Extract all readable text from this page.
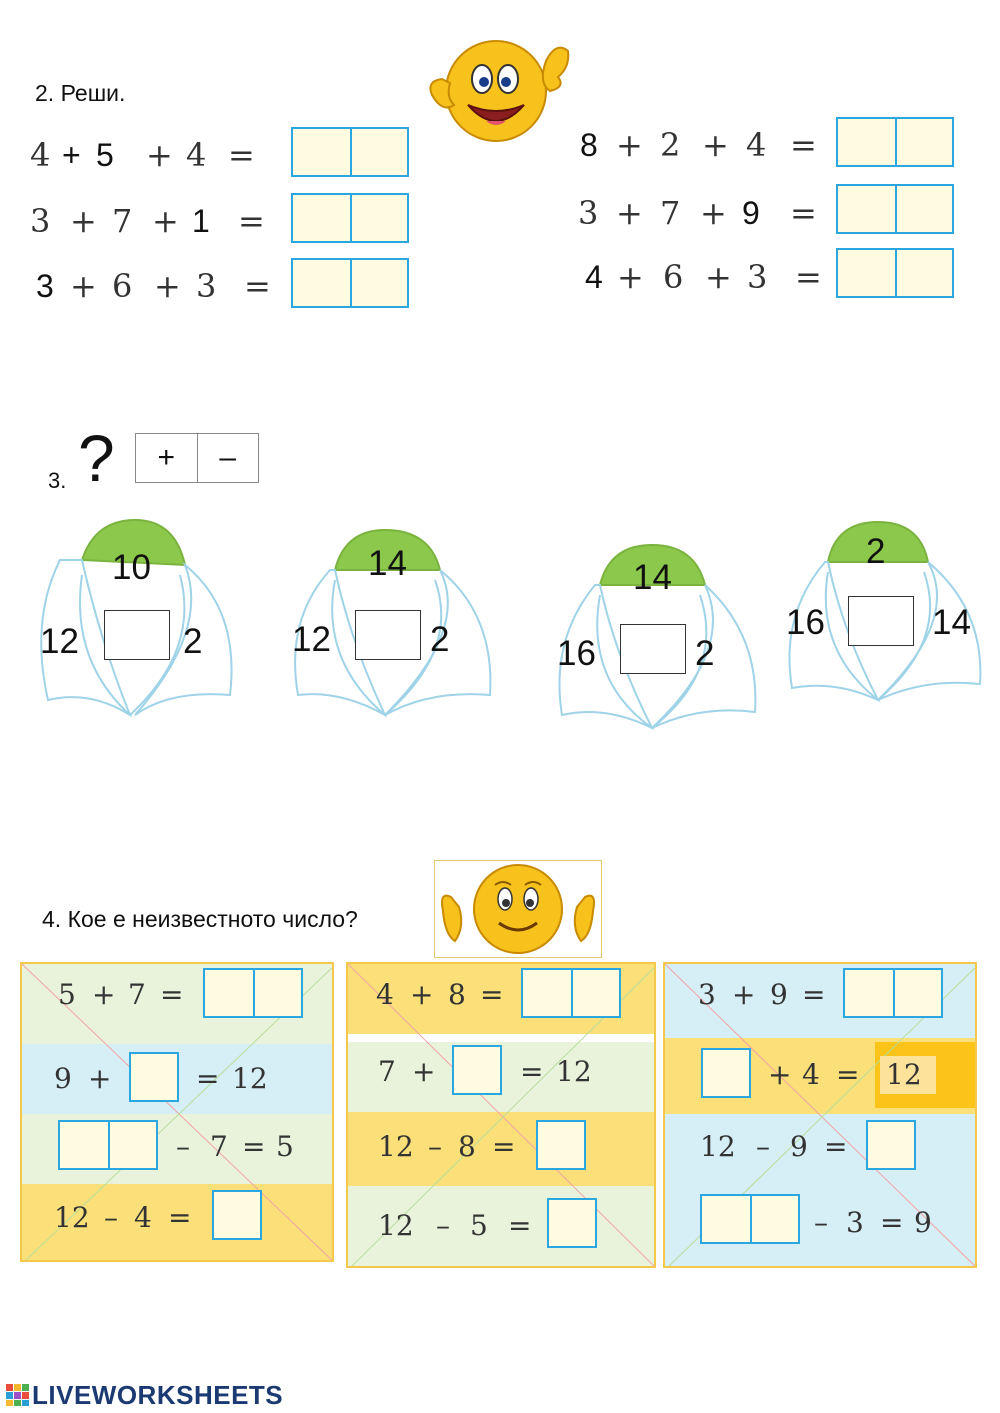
2. Реши.
4 + 5 + 4 =
3 + 7 + 1 =
3 + 6 + 3 =
8 + 2 + 4 =
3 + 7 + 9 =
4 + 6 + 3 =
3. ?	+	–
10
12	2
14
12	2
14
16	2
2
16	14
4. Кое е неизвестното число?
5 + 7 =
9 +	= 12
– 7 = 5
12 – 4 =
4 + 8 =
7 +	= 12
12 – 8 =
12 – 5 =
3 + 9 =
+ 4 = 12
12 – 9 =
– 3 = 9
LIVEWORKSHEETS
